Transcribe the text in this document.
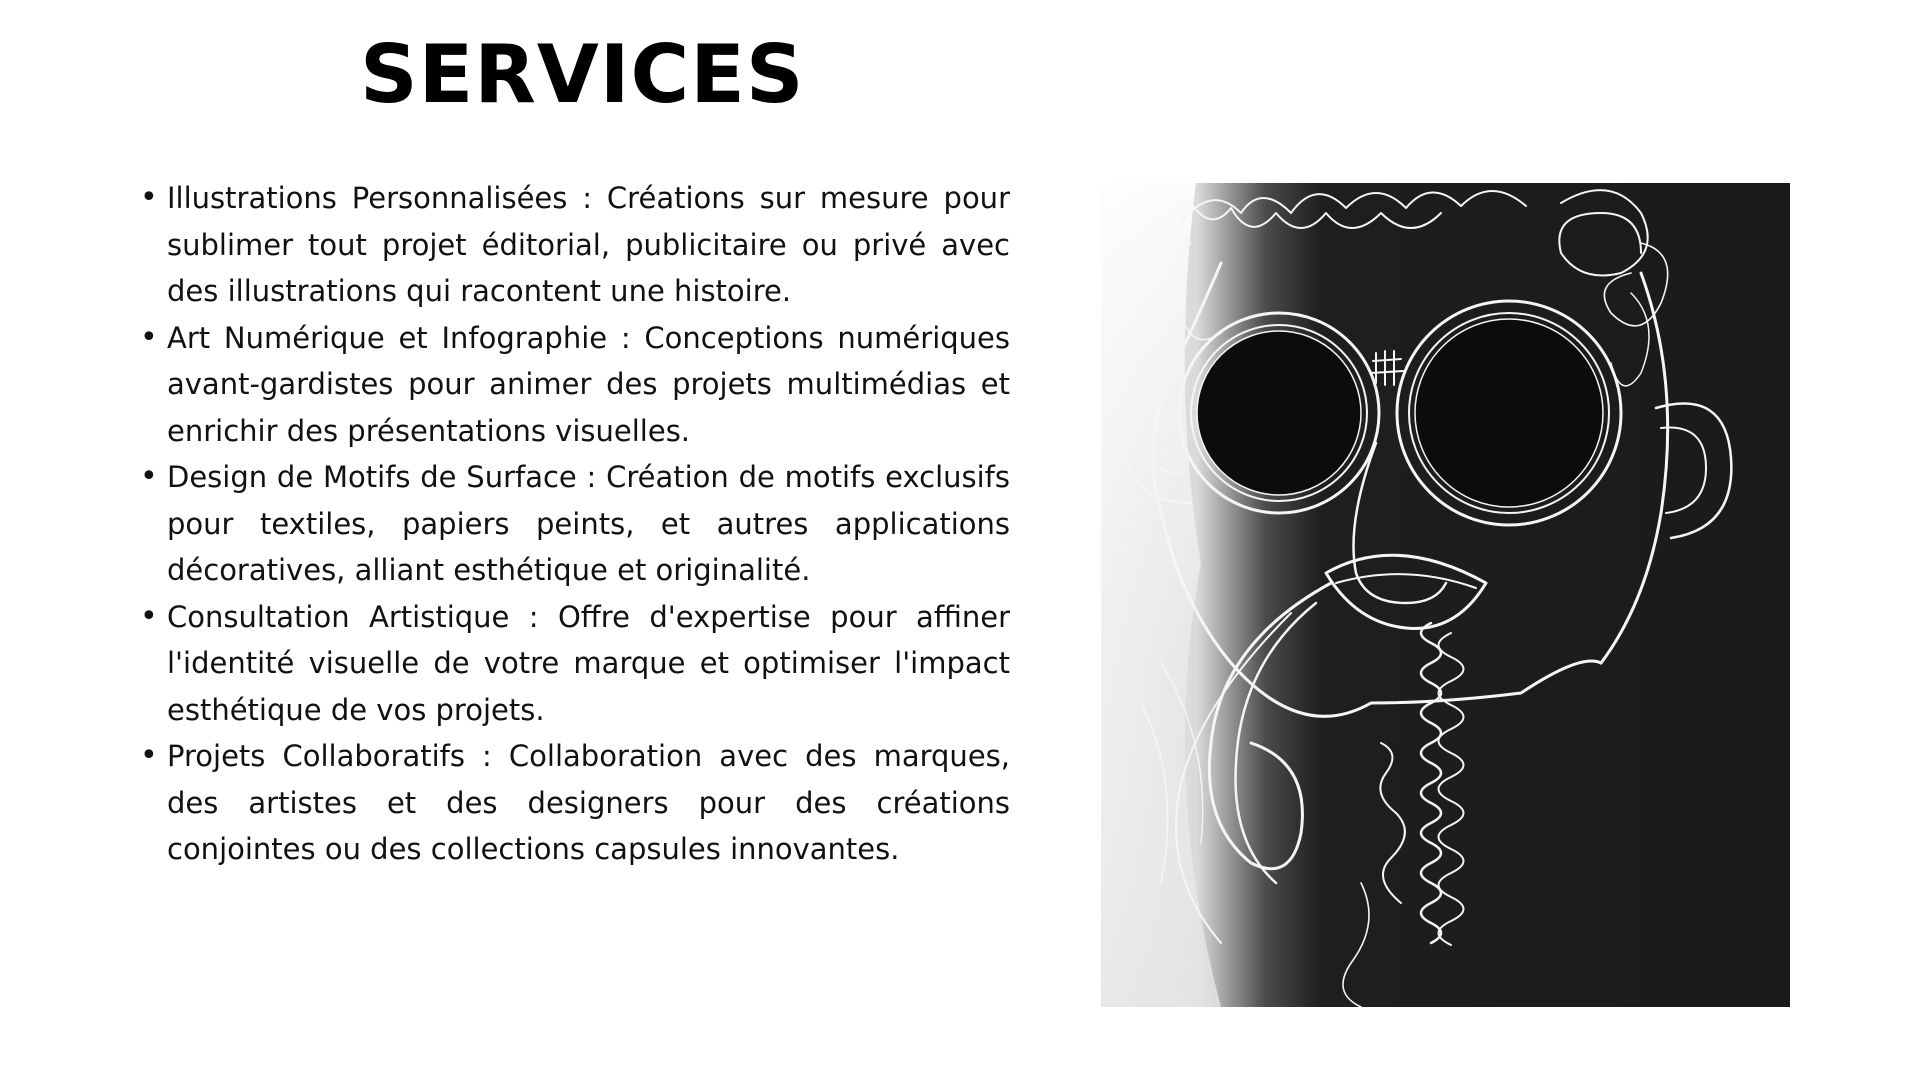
SERVICES
• Illustrations Personnalisées : Créations sur mesure pour sublimer tout projet éditorial, publicitaire ou privé avec des illustrations qui racontent une histoire.
• Art Numérique et Infographie : Conceptions numériques avant-gardistes pour animer des projets multimédias et enrichir des présentations visuelles.
• Design de Motifs de Surface : Création de motifs exclusifs pour textiles, papiers peints, et autres applications décoratives, alliant esthétique et originalité.
• Consultation Artistique : Offre d'expertise pour affiner l'identité visuelle de votre marque et optimiser l'impact esthétique de vos projets.
• Projets Collaboratifs : Collaboration avec des marques, des artistes et des designers pour des créations conjointes ou des collections capsules innovantes.
